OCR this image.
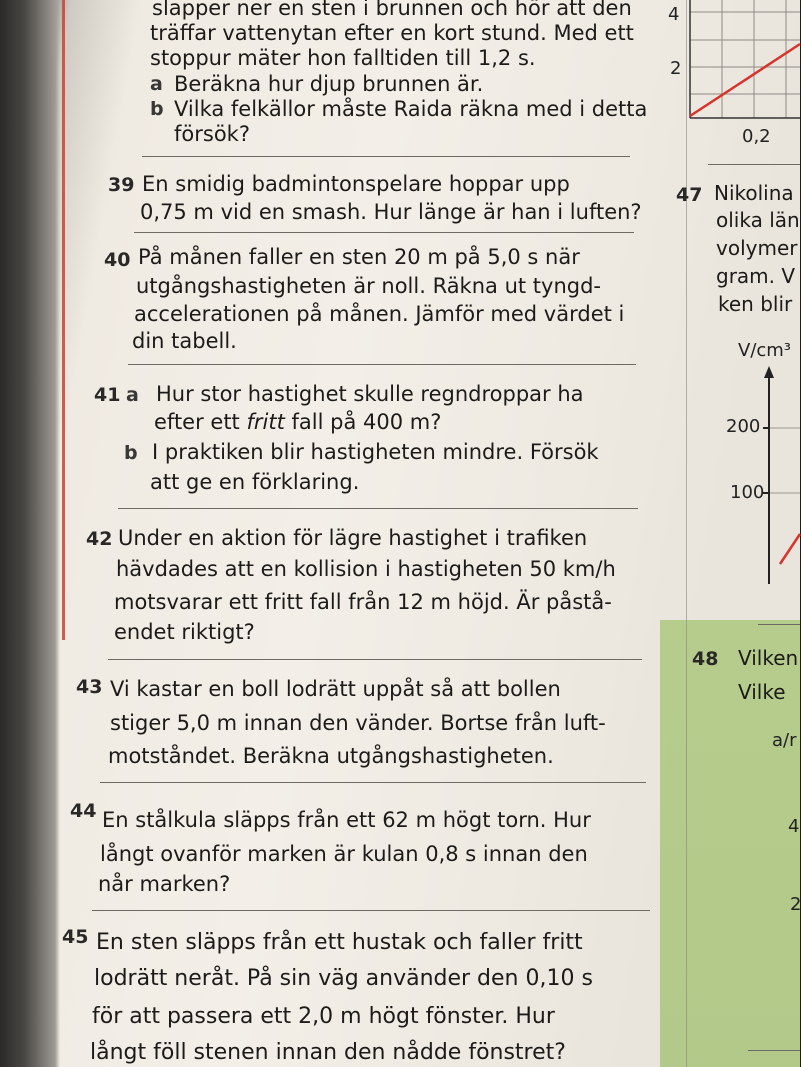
slapper ner en sten i brunnen och hör att den
träffar vattenytan efter en kort stund. Med ett
stoppur mäter hon falltiden till 1,2 s.
a Beräkna hur djup brunnen är.
b Vilka felkällor måste Raida räkna med i detta
försök?
39 En smidig badmintonspelare hoppar upp
0,75 m vid en smash. Hur länge är han i luften?
40 På månen faller en sten 20 m på 5,0 s när
utgångshastigheten är noll. Räkna ut tyngd-
accelerationen på månen. Jämför med värdet i
din tabell.
41 a Hur stor hastighet skulle regndroppar ha
efter ett fritt fall på 400 m?
b I praktiken blir hastigheten mindre. Försök
att ge en förklaring.
42 Under en aktion för lägre hastighet i trafiken
hävdades att en kollision i hastigheten 50 km/h
motsvarar ett fritt fall från 12 m höjd. Är påstå-
endet riktigt?
43 Vi kastar en boll lodrätt uppåt så att bollen
stiger 5,0 m innan den vänder. Bortse från luft-
motståndet. Beräkna utgångshastigheten.
44 En stålkula släpps från ett 62 m högt torn. Hur
långt ovanför marken är kulan 0,8 s innan den
når marken?
45 En sten släpps från ett hustak och faller fritt
lodrätt neråt. På sin väg använder den 0,10 s
för att passera ett 2,0 m högt fönster. Hur
långt föll stenen innan den nådde fönstret?
4
2
0,2
47 Nikolina
olika län
volymer
gram. V
ken blir
V/cm³
200
100
48 Vilken
Vilke
a/r
4
2
